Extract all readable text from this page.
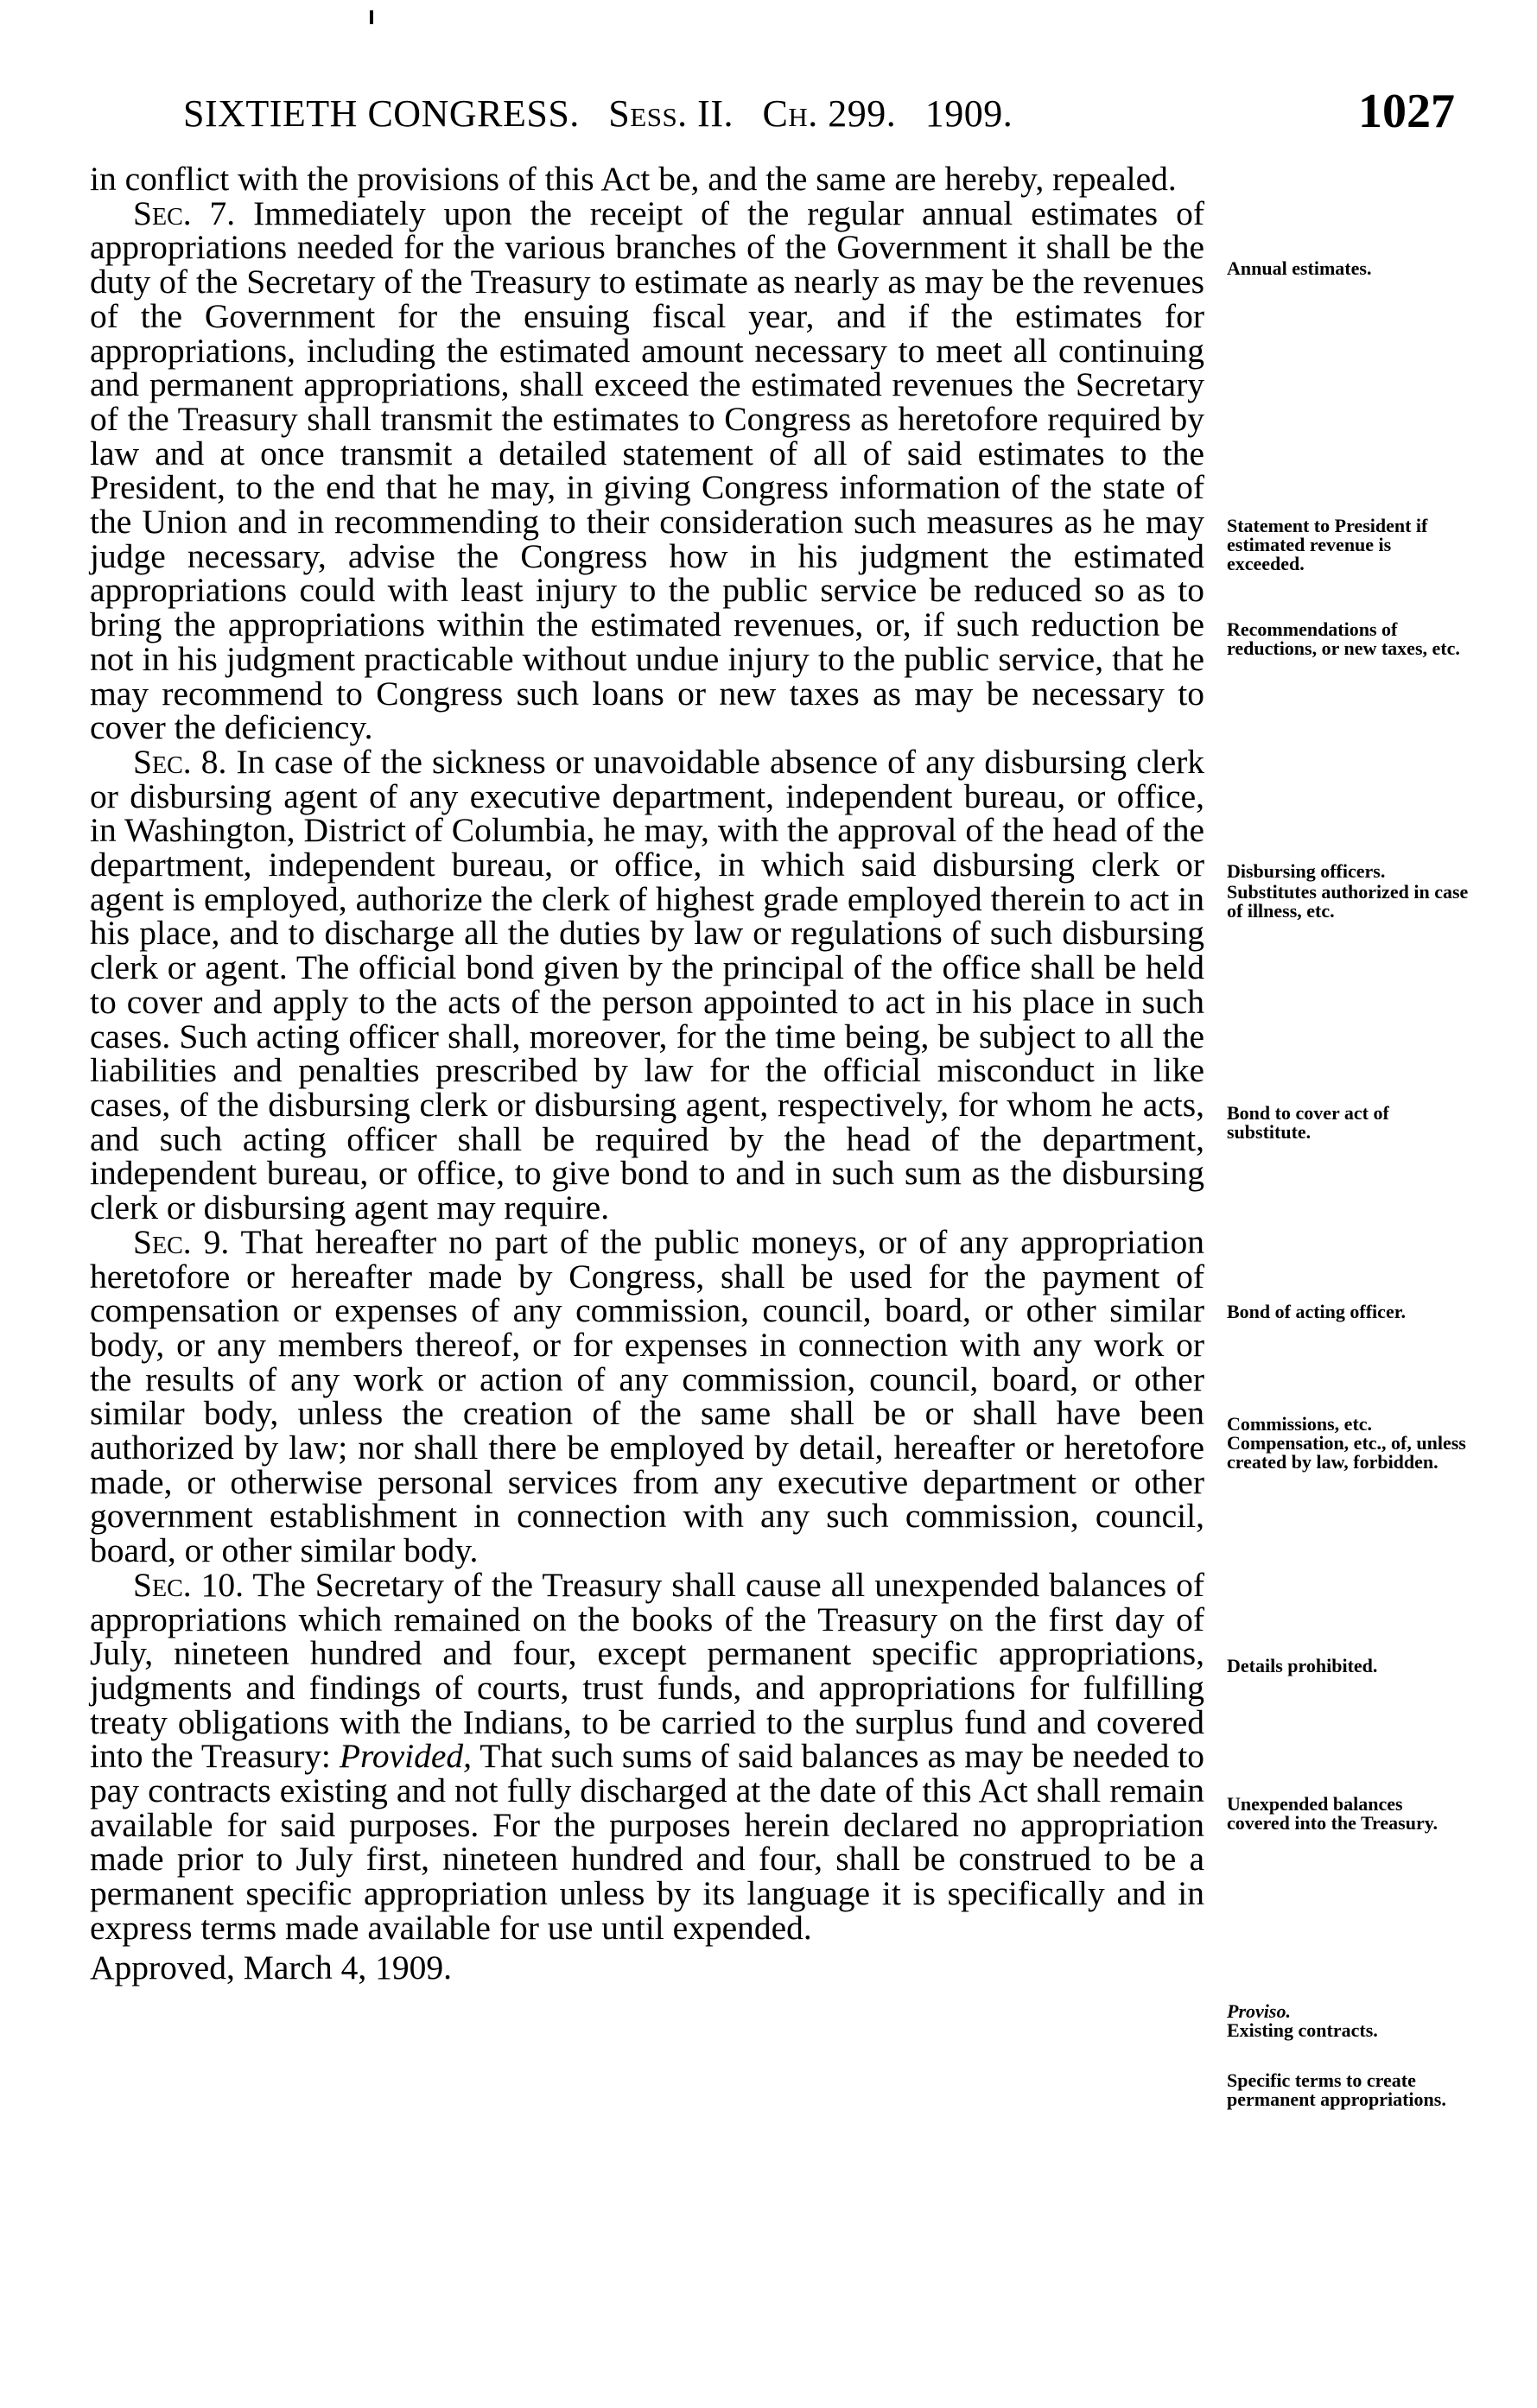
SIXTIETH CONGRESS. Sess. II. Ch. 299. 1909.	1027

in conflict with the provisions of this Act be, and the same are hereby, repealed.

Sec. 7. Immediately upon the receipt of the regular annual estimates of appropriations needed for the various branches of the Government it shall be the duty of the Secretary of the Treasury to estimate as nearly as may be the revenues of the Government for the ensuing fiscal year, and if the estimates for appropriations, including the estimated amount necessary to meet all continuing and permanent appropriations, shall exceed the estimated revenues the Secretary of the Treasury shall transmit the estimates to Congress as heretofore required by law and at once transmit a detailed statement of all of said estimates to the President, to the end that he may, in giving Congress information of the state of the Union and in recommending to their consideration such measures as he may judge necessary, advise the Congress how in his judgment the estimated appropriations could with least injury to the public service be reduced so as to bring the appropriations within the estimated revenues, or, if such reduction be not in his judgment practicable without undue injury to the public service, that he may recommend to Congress such loans or new taxes as may be necessary to cover the deficiency.

Sec. 8. In case of the sickness or unavoidable absence of any disbursing clerk or disbursing agent of any executive department, independent bureau, or office, in Washington, District of Columbia, he may, with the approval of the head of the department, independent bureau, or office, in which said disbursing clerk or agent is employed, authorize the clerk of highest grade employed therein to act in his place, and to discharge all the duties by law or regulations of such disbursing clerk or agent. The official bond given by the principal of the office shall be held to cover and apply to the acts of the person appointed to act in his place in such cases. Such acting officer shall, moreover, for the time being, be subject to all the liabilities and penalties prescribed by law for the official misconduct in like cases, of the disbursing clerk or disbursing agent, respectively, for whom he acts, and such acting officer shall be required by the head of the department, independent bureau, or office, to give bond to and in such sum as the disbursing clerk or disbursing agent may require.

Sec. 9. That hereafter no part of the public moneys, or of any appropriation heretofore or hereafter made by Congress, shall be used for the payment of compensation or expenses of any commission, council, board, or other similar body, or any members thereof, or for expenses in connection with any work or the results of any work or action of any commission, council, board, or other similar body, unless the creation of the same shall be or shall have been authorized by law; nor shall there be employed by detail, hereafter or heretofore made, or otherwise personal services from any executive department or other government establishment in connection with any such commission, council, board, or other similar body.

Sec. 10. The Secretary of the Treasury shall cause all unexpended balances of appropriations which remained on the books of the Treasury on the first day of July, nineteen hundred and four, except permanent specific appropriations, judgments and findings of courts, trust funds, and appropriations for fulfilling treaty obligations with the Indians, to be carried to the surplus fund and covered into the Treasury: Provided, That such sums of said balances as may be needed to pay contracts existing and not fully discharged at the date of this Act shall remain available for said purposes. For the purposes herein declared no appropriation made prior to July first, nineteen hundred and four, shall be construed to be a permanent specific appropriation unless by its language it is specifically and in express terms made available for use until expended.

Approved, March 4, 1909.

Annual estimates.
Statement to President if estimated revenue is exceeded.
Recommendations of reductions, or new taxes, etc.
Disbursing officers.
Substitutes authorized in case of illness, etc.
Bond to cover act of substitute.
Bond of acting officer.
Commissions, etc. Compensation, etc., of, unless created by law, forbidden.
Details prohibited.
Unexpended balances covered into the Treasury.
Proviso.
Existing contracts.
Specific terms to create permanent appropriations.
